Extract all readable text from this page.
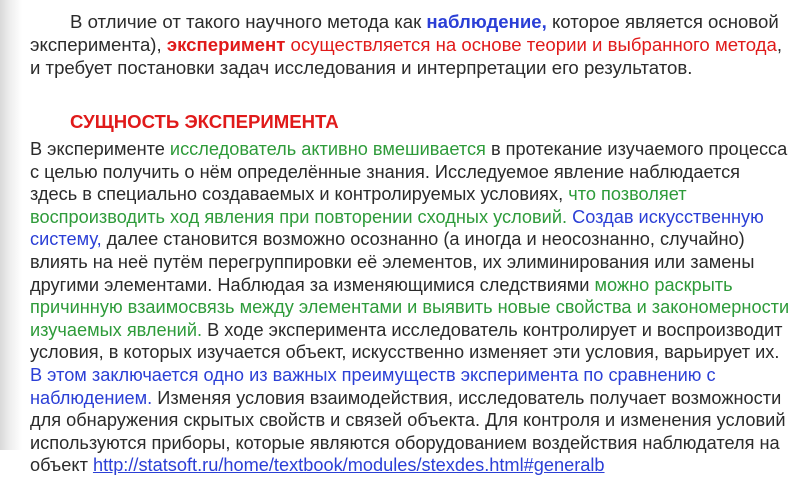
В отличие от такого научного метода как наблюдение, которое является основой эксперимента), эксперимент осуществляется на основе теории и выбранного метода, и требует постановки задач исследования и интерпретации его результатов.

СУЩНОСТЬ ЭКСПЕРИМЕНТА

В эксперименте исследователь активно вмешивается в протекание изучаемого процесса с целью получить о нём определённые знания. Исследуемое явление наблюдается здесь в специально создаваемых и контролируемых условиях, что позволяет воспроизводить ход явления при повторении сходных условий. Создав искусственную систему, далее становится возможно осознанно (а иногда и неосознанно, случайно) влиять на неё путём перегруппировки её элементов, их элиминирования или замены другими элементами. Наблюдая за изменяющимися следствиями можно раскрыть причинную взаимосвязь между элементами и выявить новые свойства и закономерности изучаемых явлений. В ходе эксперимента исследователь контролирует и воспроизводит условия, в которых изучается объект, искусственно изменяет эти условия, варьирует их. В этом заключается одно из важных преимуществ эксперимента по сравнению с наблюдением. Изменяя условия взаимодействия, исследователь получает возможности для обнаружения скрытых свойств и связей объекта. Для контроля и изменения условий используются приборы, которые являются оборудованием воздействия наблюдателя на объект http://statsoft.ru/home/textbook/modules/stexdes.html#generalb
